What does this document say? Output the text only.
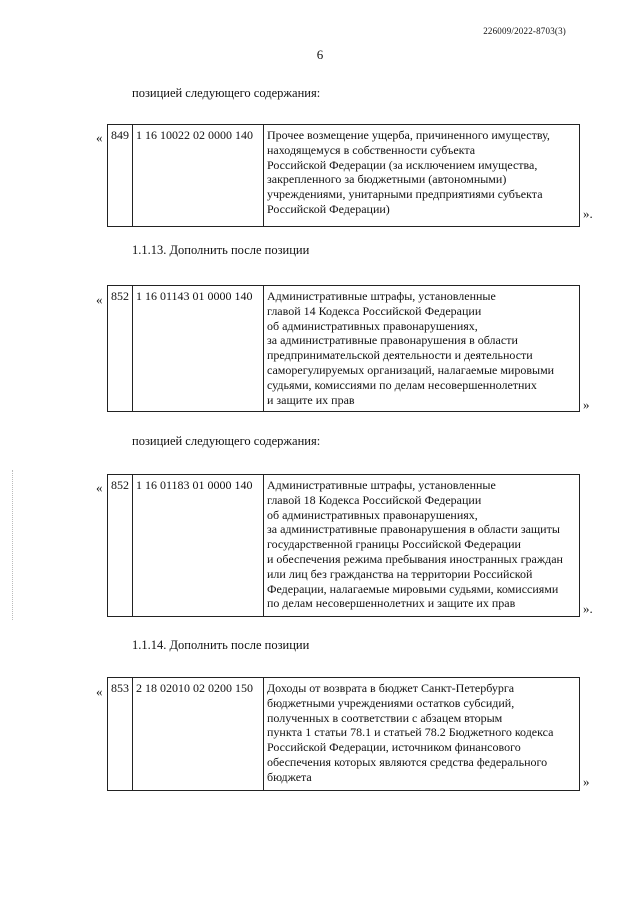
226009/2022-8703(3)
6
позицией следующего содержания:
« 849	1 16 10022 02 0000 140	Прочее возмещение ущерба, причиненного имуществу,
находящемуся в собственности субъекта
Российской Федерации (за исключением имущества,
закрепленного за бюджетными (автономными)
учреждениями, унитарными предприятиями субъекта
Российской Федерации)	».
1.1.13. Дополнить после позиции
« 852	1 16 01143 01 0000 140	Административные штрафы, установленные
главой 14 Кодекса Российской Федерации
об административных правонарушениях,
за административные правонарушения в области
предпринимательской деятельности и деятельности
саморегулируемых организаций, налагаемые мировыми
судьями, комиссиями по делам несовершеннолетних
и защите их прав	»
позицией следующего содержания:
« 852	1 16 01183 01 0000 140	Административные штрафы, установленные
главой 18 Кодекса Российской Федерации
об административных правонарушениях,
за административные правонарушения в области защиты
государственной границы Российской Федерации
и обеспечения режима пребывания иностранных граждан
или лиц без гражданства на территории Российской
Федерации, налагаемые мировыми судьями, комиссиями
по делам несовершеннолетних и защите их прав	».
1.1.14. Дополнить после позиции
« 853	2 18 02010 02 0200 150	Доходы от возврата в бюджет Санкт-Петербурга
бюджетными учреждениями остатков субсидий,
полученных в соответствии с абзацем вторым
пункта 1 статьи 78.1 и статьей 78.2 Бюджетного кодекса
Российской Федерации, источником финансового
обеспечения которых являются средства федерального
бюджета	»
